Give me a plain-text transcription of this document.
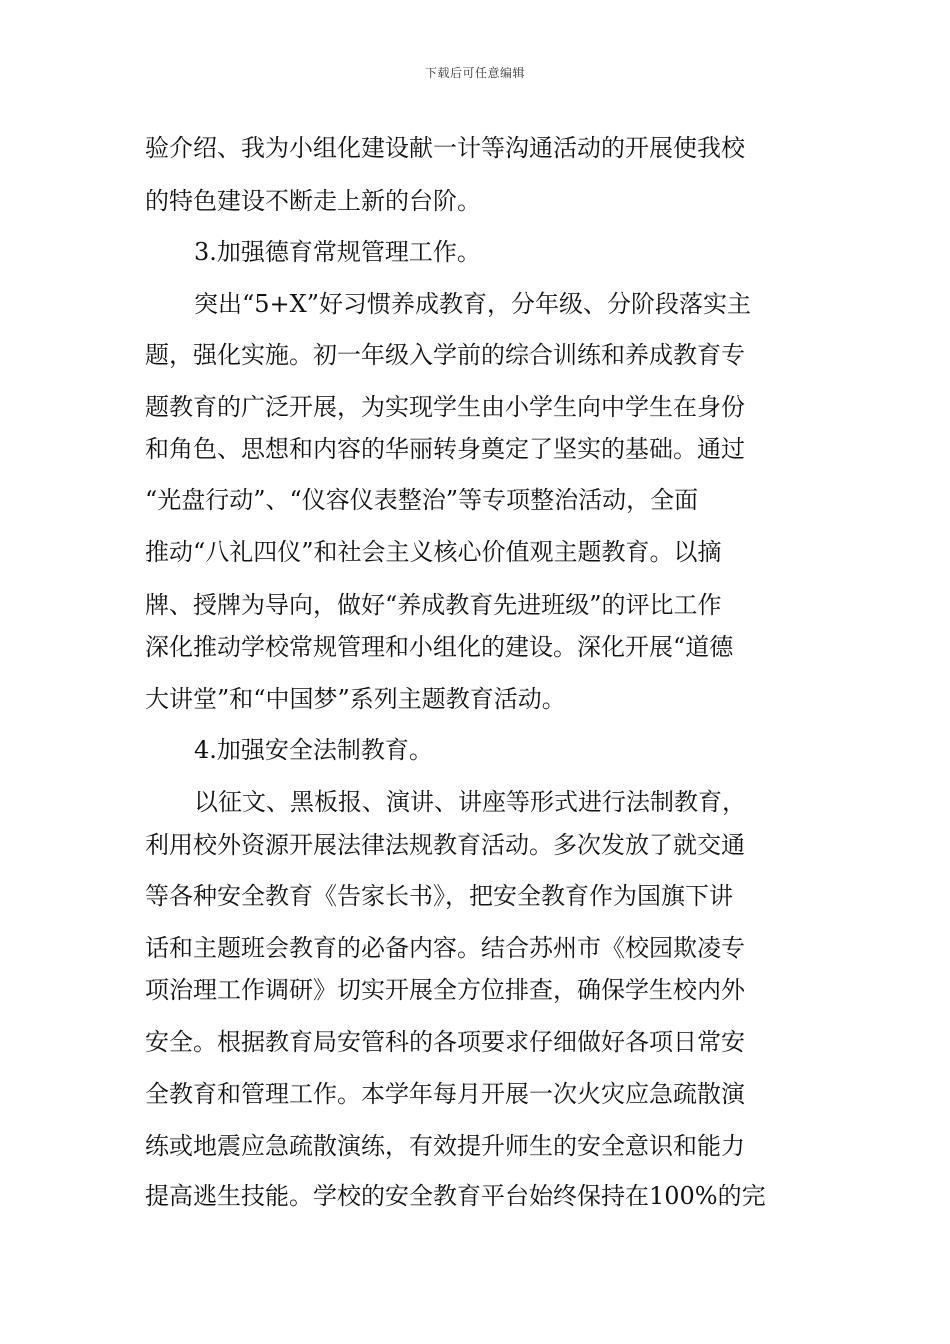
下载后可任意编辑
验介绍、我为小组化建设献一计等沟通活动的开展使我校
的特色建设不断走上新的台阶。
3.加强德育常规管理工作。
突出“5+X”好习惯养成教育，分年级、分阶段落实主
题，强化实施。初一年级入学前的综合训练和养成教育专
题教育的广泛开展，为实现学生由小学生向中学生在身份
和角色、思想和内容的华丽转身奠定了坚实的基础。通过
“光盘行动”、“仪容仪表整治”等专项整治活动，全面
推动“八礼四仪”和社会主义核心价值观主题教育。以摘
牌、授牌为导向，做好“养成教育先进班级”的评比工作
深化推动学校常规管理和小组化的建设。深化开展“道德
大讲堂”和“中国梦”系列主题教育活动。
4.加强安全法制教育。
以征文、黑板报、演讲、讲座等形式进行法制教育，
利用校外资源开展法律法规教育活动。多次发放了就交通
等各种安全教育《告家长书》，把安全教育作为国旗下讲
话和主题班会教育的必备内容。结合苏州市《校园欺凌专
项治理工作调研》切实开展全方位排查，确保学生校内外
安全。根据教育局安管科的各项要求仔细做好各项日常安
全教育和管理工作。本学年每月开展一次火灾应急疏散演
练或地震应急疏散演练，有效提升师生的安全意识和能力
提高逃生技能。学校的安全教育平台始终保持在100%的完
